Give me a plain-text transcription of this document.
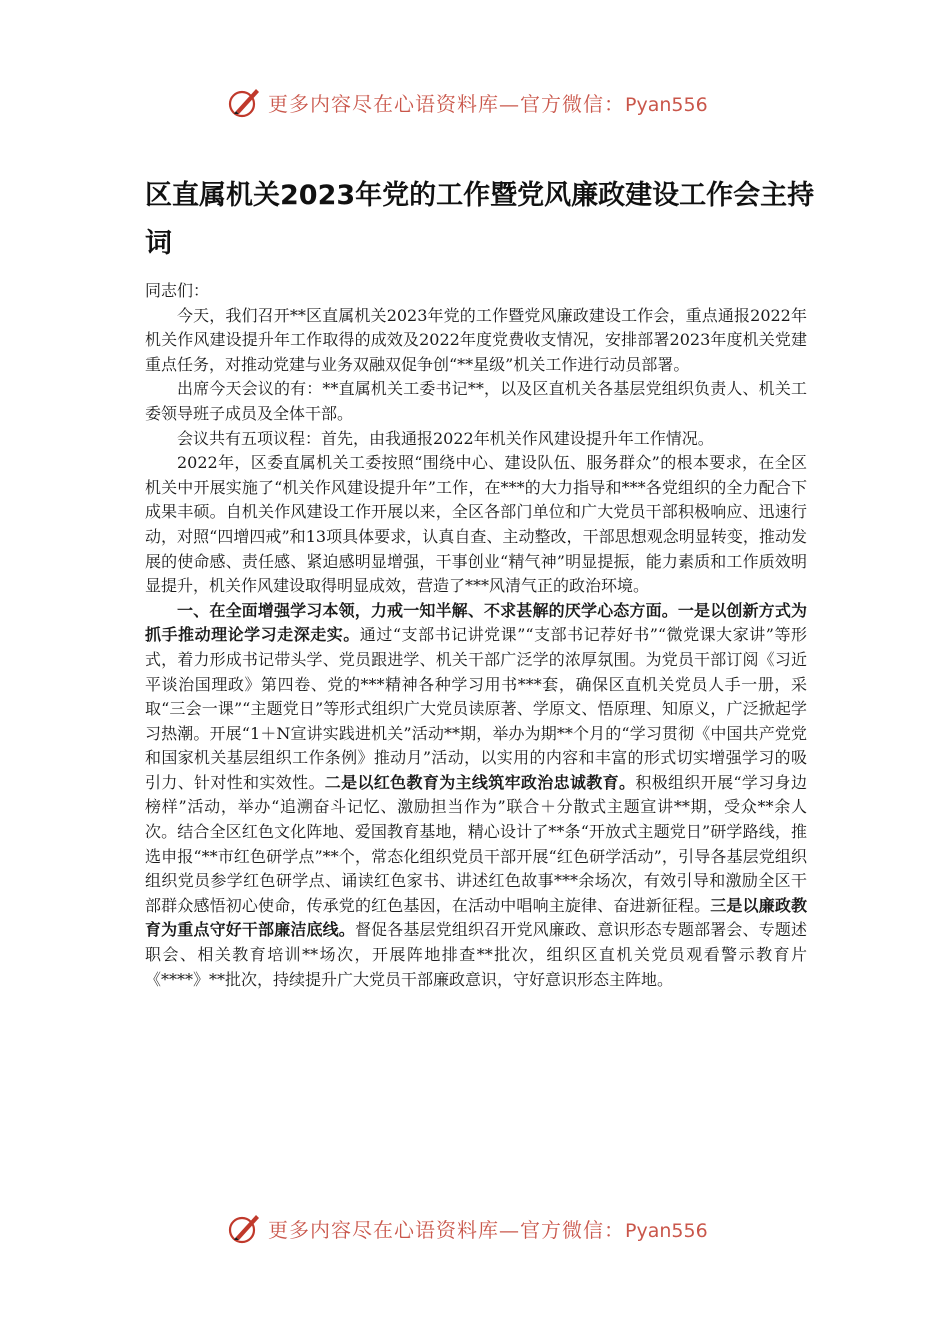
更多内容尽在心语资料库—官方微信：Pyan556
区直属机关2023年党的工作暨党风廉政建设工作会主持词

同志们：

今天，我们召开**区直属机关2023年党的工作暨党风廉政建设工作会，重点通报2022年机关作风建设提升年工作取得的成效及2022年度党费收支情况，安排部署2023年度机关党建重点任务，对推动党建与业务双融双促争创“**星级”机关工作进行动员部署。

出席今天会议的有：**直属机关工委书记**，以及区直机关各基层党组织负责人、机关工委领导班子成员及全体干部。

会议共有五项议程：首先，由我通报2022年机关作风建设提升年工作情况。

2022年，区委直属机关工委按照“围绕中心、建设队伍、服务群众”的根本要求，在全区机关中开展实施了“机关作风建设提升年”工作，在***的大力指导和***各党组织的全力配合下成果丰硕。自机关作风建设工作开展以来，全区各部门单位和广大党员干部积极响应、迅速行动，对照“四增四戒”和13项具体要求，认真自查、主动整改，干部思想观念明显转变，推动发展的使命感、责任感、紧迫感明显增强，干事创业“精气神”明显提振，能力素质和工作质效明显提升，机关作风建设取得明显成效，营造了***风清气正的政治环境。

一、在全面增强学习本领，力戒一知半解、不求甚解的厌学心态方面。一是以创新方式为抓手推动理论学习走深走实。通过“支部书记讲党课”“支部书记荐好书”“微党课大家讲”等形式，着力形成书记带头学、党员跟进学、机关干部广泛学的浓厚氛围。为党员干部订阅《习近平谈治国理政》第四卷、党的***精神各种学习用书***套，确保区直机关党员人手一册，采取“三会一课”“主题党日”等形式组织广大党员读原著、学原文、悟原理、知原义，广泛掀起学习热潮。开展“1＋N宣讲实践进机关”活动**期，举办为期**个月的“学习贯彻《中国共产党党和国家机关基层组织工作条例》推动月”活动，以实用的内容和丰富的形式切实增强学习的吸引力、针对性和实效性。二是以红色教育为主线筑牢政治忠诚教育。积极组织开展“学习身边榜样”活动，举办“追溯奋斗记忆、激励担当作为”联合＋分散式主题宣讲**期，受众**余人次。结合全区红色文化阵地、爱国教育基地，精心设计了**条“开放式主题党日”研学路线，推选申报“**市红色研学点”**个，常态化组织党员干部开展“红色研学活动”，引导各基层党组织组织党员参学红色研学点、诵读红色家书、讲述红色故事***余场次，有效引导和激励全区干部群众感悟初心使命，传承党的红色基因，在活动中唱响主旋律、奋进新征程。三是以廉政教育为重点守好干部廉洁底线。督促各基层党组织召开党风廉政、意识形态专题部署会、专题述职会、相关教育培训**场次，开展阵地排查**批次，组织区直机关党员观看警示教育片《****》**批次，持续提升广大党员干部廉政意识，守好意识形态主阵地。

更多内容尽在心语资料库—官方微信：Pyan556
